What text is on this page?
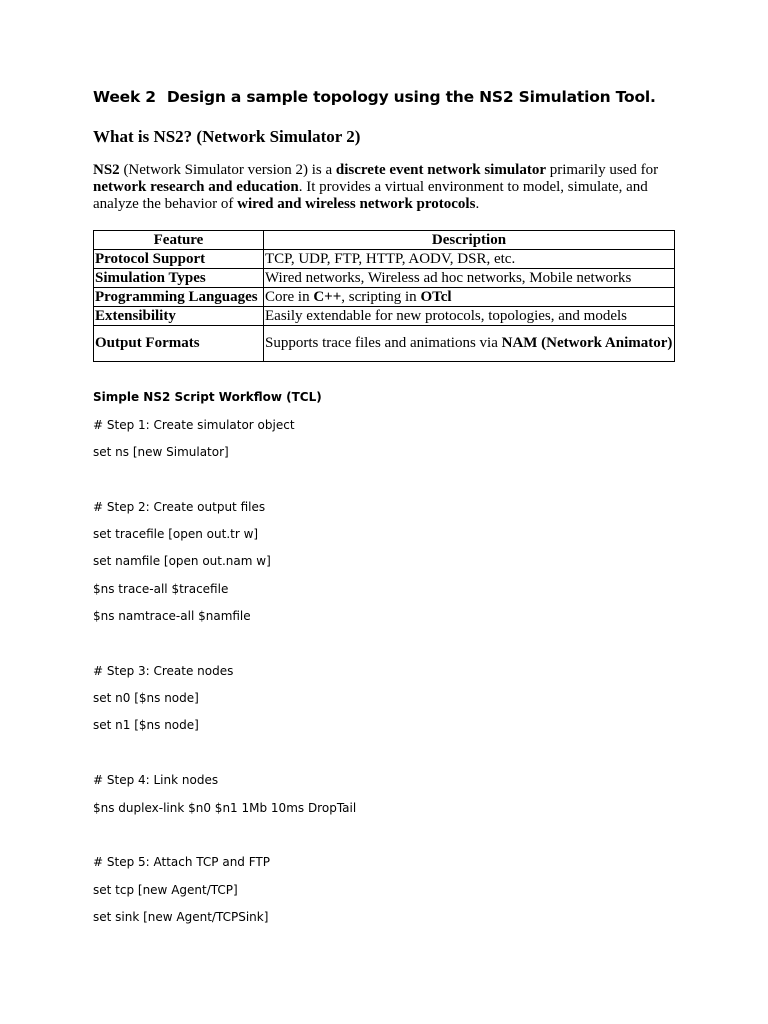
Week 2 Design a sample topology using the NS2 Simulation Tool.
What is NS2? (Network Simulator 2)
NS2 (Network Simulator version 2) is a discrete event network simulator primarily used for network research and education. It provides a virtual environment to model, simulate, and analyze the behavior of wired and wireless network protocols.
Feature	Description
Protocol Support	TCP, UDP, FTP, HTTP, AODV, DSR, etc.
Simulation Types	Wired networks, Wireless ad hoc networks, Mobile networks
Programming Languages	Core in C++, scripting in OTcl
Extensibility	Easily extendable for new protocols, topologies, and models
Output Formats	Supports trace files and animations via NAM (Network Animator)
Simple NS2 Script Workflow (TCL)
# Step 1: Create simulator object
set ns [new Simulator]
# Step 2: Create output files
set tracefile [open out.tr w]
set namfile [open out.nam w]
$ns trace-all $tracefile
$ns namtrace-all $namfile
# Step 3: Create nodes
set n0 [$ns node]
set n1 [$ns node]
# Step 4: Link nodes
$ns duplex-link $n0 $n1 1Mb 10ms DropTail
# Step 5: Attach TCP and FTP
set tcp [new Agent/TCP]
set sink [new Agent/TCPSink]
